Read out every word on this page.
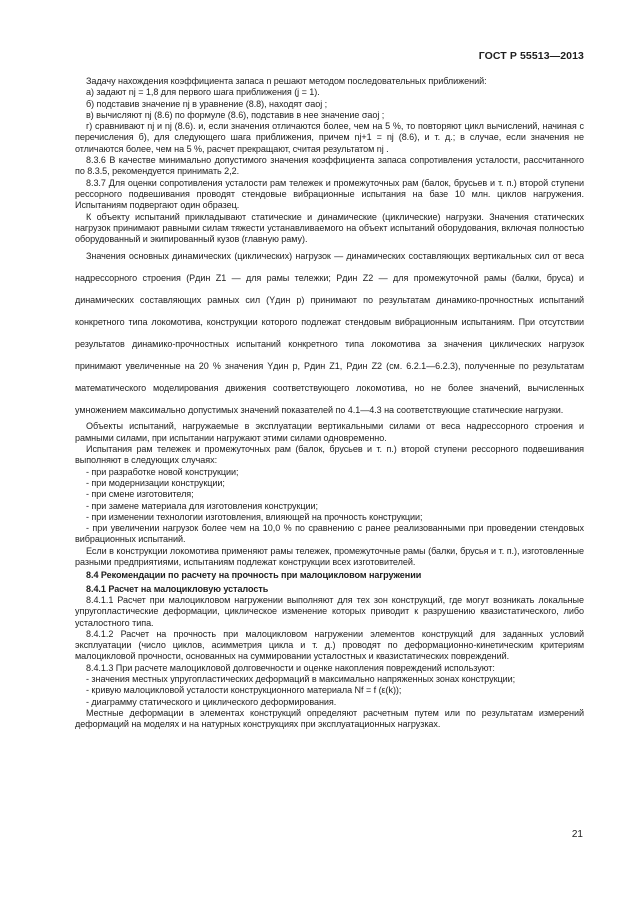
ГОСТ Р 55513—2013

Задачу нахождения коэффициента запаса n решают методом последовательных приближений:

а) задают nj = 1,8 для первого шага приближения (j = 1).

б) подставив значение nj в уравнение (8.8), находят σaoj ;

в) вычисляют nj (8.6) по формуле (8.6), подставив в нее значение σaoj ;

г) сравнивают nj и nj (8.6). и, если значения отличаются более, чем на 5 %, то повторяют цикл вычислений, начиная с перечисления б), для следующего шага приближения, причем nj+1 = nj (8.6), и т. д.; в случае, если значения не отличаются более, чем на 5 %, расчет прекращают, считая результатом nj .

8.3.6 В качестве минимально допустимого значения коэффициента запаса сопротивления усталости, рассчитанного по 8.3.5, рекомендуется принимать 2,2.

8.3.7 Для оценки сопротивления усталости рам тележек и промежуточных рам (балок, брусьев и т. п.) второй ступени рессорного подвешивания проводят стендовые вибрационные испытания на базе 10 млн. циклов нагружения. Испытаниям подвергают один образец.

К объекту испытаний прикладывают статические и динамические (циклические) нагрузки. Значения статических нагрузок принимают равными силам тяжести устанавливаемого на объект испытаний оборудования, включая полностью оборудованный и экипированный кузов (главную раму).

Значения основных динамических (циклических) нагрузок — динамических составляющих вертикальных сил от веса надрессорного строения (Pдин Z1 — для рамы тележки; Pдин Z2 — для промежуточной рамы (балки, бруса) и динамических составляющих рамных сил (Yдин р) принимают по результатам динамико-прочностных испытаний конкретного типа локомотива, конструкции которого подлежат стендовым вибрационным испытаниям. При отсутствии результатов динамико-прочностных испытаний конкретного типа локомотива за значения циклических нагрузок принимают увеличенные на 20 % значения Yдин р, Pдин Z1, Pдин Z2 (см. 6.2.1—6.2.3), полученные по результатам математического моделирования движения соответствующего локомотива, но не более значений, вычисленных умножением максимально допустимых значений показателей по 4.1—4.3 на соответствующие статические нагрузки.

Объекты испытаний, нагружаемые в эксплуатации вертикальными силами от веса надрессорного строения и рамными силами, при испытании нагружают этими силами одновременно.

Испытания рам тележек и промежуточных рам (балок, брусьев и т. п.) второй ступени рессорного подвешивания выполняют в следующих случаях:

- при разработке новой конструкции;

- при модернизации конструкции;

- при смене изготовителя;

- при замене материала для изготовления конструкции;

- при изменении технологии изготовления, влияющей на прочность конструкции;

- при увеличении нагрузок более чем на 10,0 % по сравнению с ранее реализованными при проведении стендовых вибрационных испытаний.

Если в конструкции локомотива применяют рамы тележек, промежуточные рамы (балки, брусья и т. п.), изготовленные разными предприятиями, испытаниям подлежат конструкции всех изготовителей.

8.4 Рекомендации по расчету на прочность при малоцикловом нагружении

8.4.1 Расчет на малоцикловую усталость

8.4.1.1 Расчет при малоцикловом нагружении выполняют для тех зон конструкций, где могут возникать локальные упругопластические деформации, циклическое изменение которых приводит к разрушению квазистатического, либо усталостного типа.

8.4.1.2 Расчет на прочность при малоцикловом нагружении элементов конструкций для заданных условий эксплуатации (число циклов, асимметрия цикла и т. д.) проводят по деформационно-кинетическим критериям малоцикловой прочности, основанных на суммировании усталостных и квазистатических повреждений.

8.4.1.3 При расчете малоцикловой долговечности и оценке накопления повреждений используют:

- значения местных упругопластических деформаций в максимально напряженных зонах конструкции;

- кривую малоцикловой усталости конструкционного материала Nf = f (ε(k));

- диаграмму статического и циклического деформирования.

Местные деформации в элементах конструкций определяют расчетным путем или по результатам измерений деформаций на моделях и на натурных конструкциях при эксплуатационных нагрузках.

21
